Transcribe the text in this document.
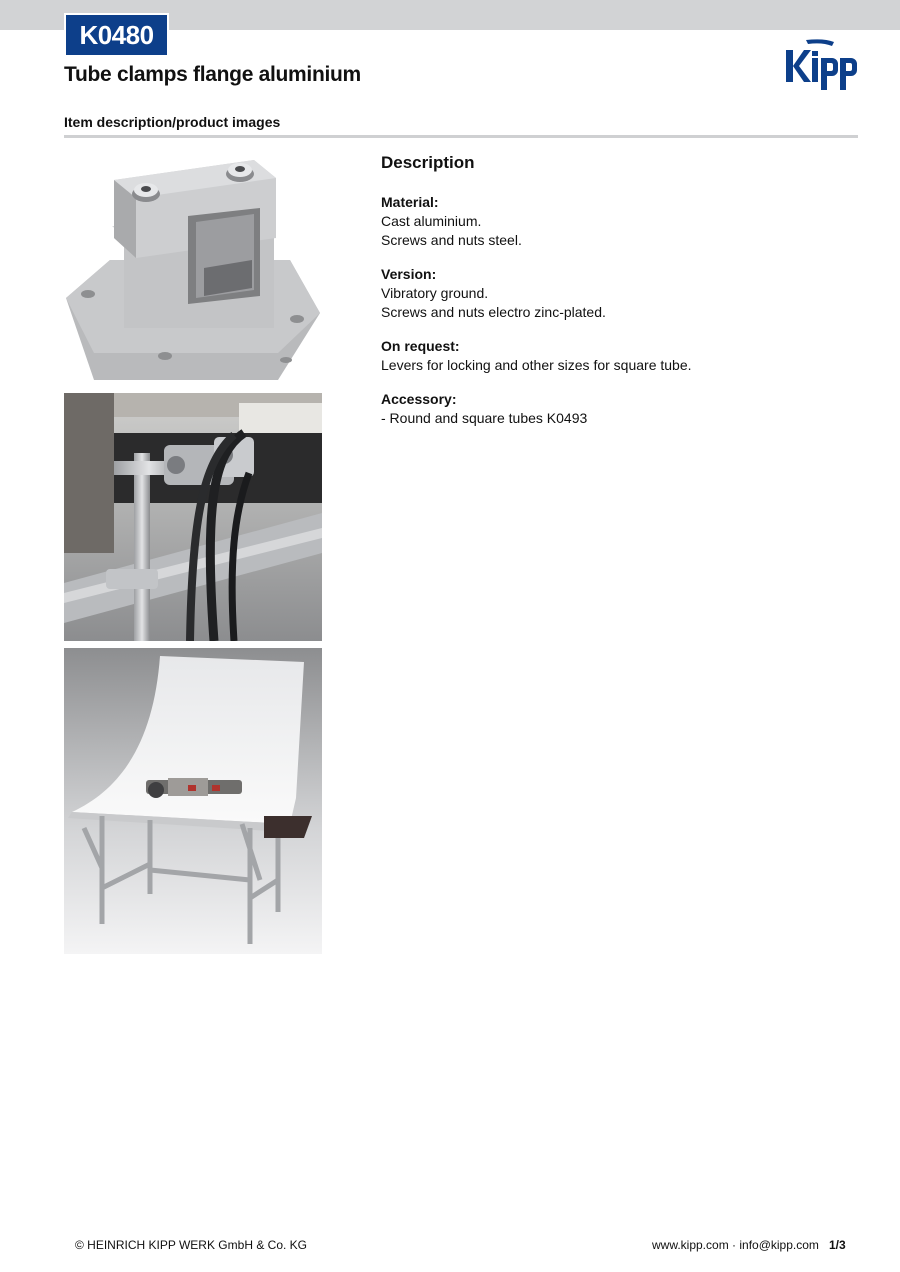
K0480
Tube clamps flange aluminium
Item description/product images
Description
Material:
Cast aluminium.
Screws and nuts steel.
Version:
Vibratory ground.
Screws and nuts electro zinc-plated.
On request:
Levers for locking and other sizes for square tube.
Accessory:
- Round and square tubes K0493
© HEINRICH KIPP WERK GmbH & Co. KG	www.kipp.com · info@kipp.com 1/3
